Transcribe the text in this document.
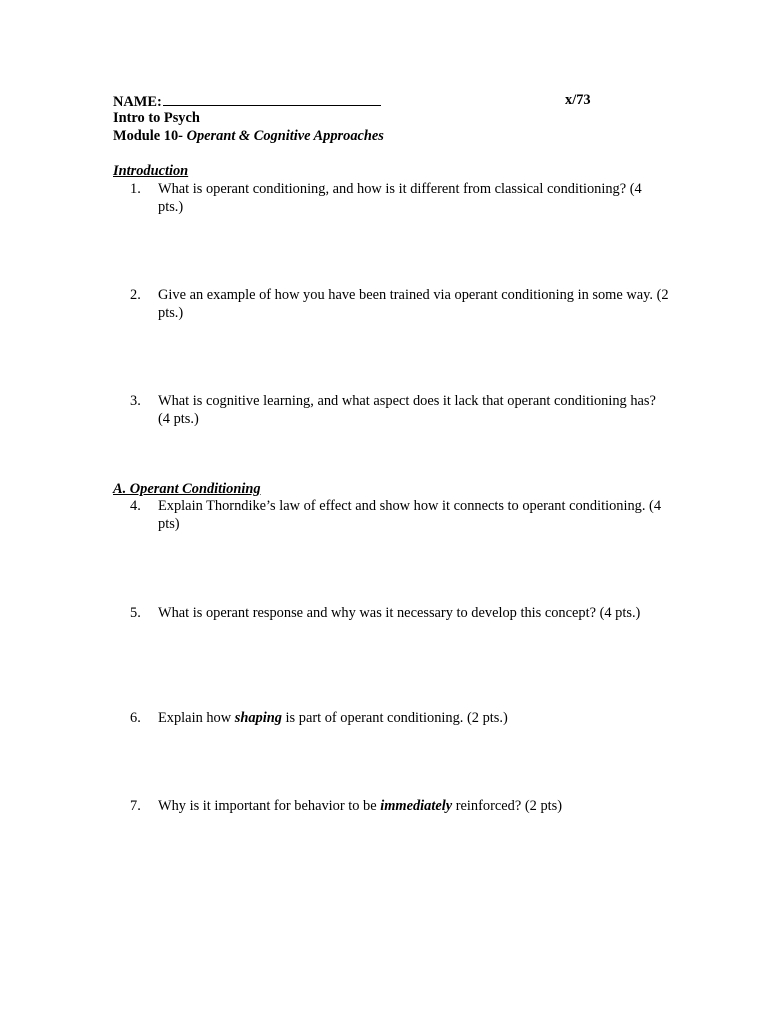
NAME:	x/73
Intro to Psych
Module 10- Operant & Cognitive Approaches
Introduction
1.	What is operant conditioning, and how is it different from classical conditioning? (4 pts.)
2.	Give an example of how you have been trained via operant conditioning in some way. (2 pts.)
3.	What is cognitive learning, and what aspect does it lack that operant conditioning has? (4 pts.)
A. Operant Conditioning
4.	Explain Thorndike’s law of effect and show how it connects to operant conditioning. (4 pts)
5.	What is operant response and why was it necessary to develop this concept? (4 pts.)
6.	Explain how shaping is part of operant conditioning. (2 pts.)
7.	Why is it important for behavior to be immediately reinforced? (2 pts)
